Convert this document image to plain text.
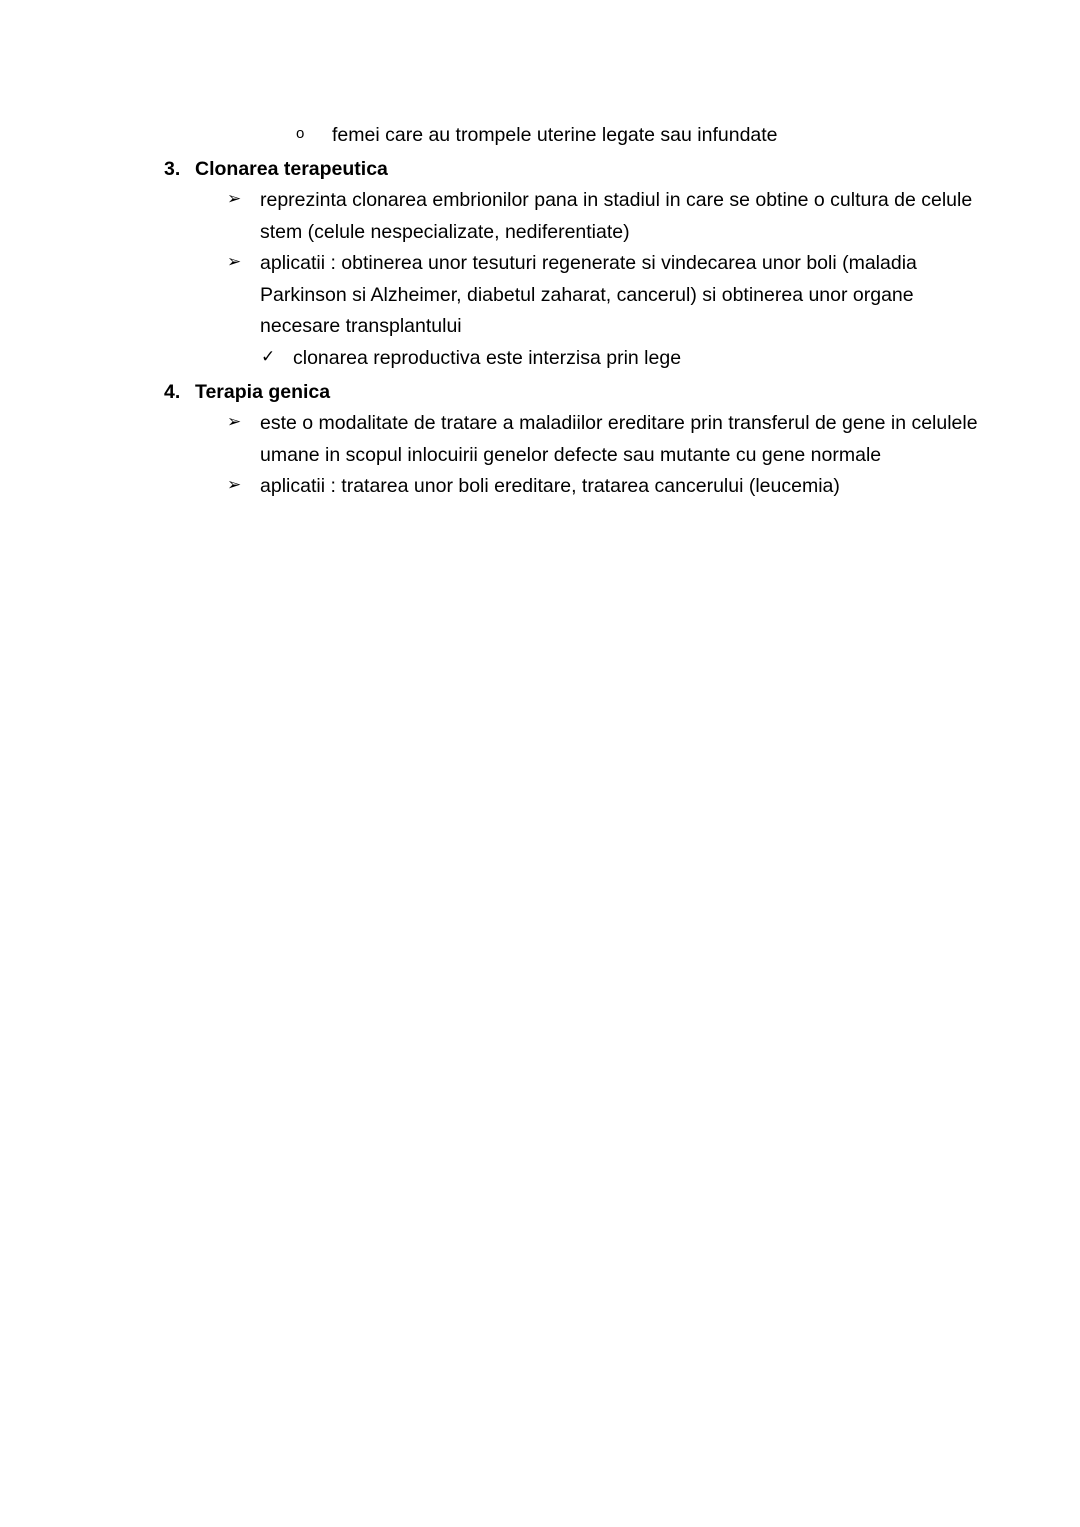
o	femei care au trompele uterine legate sau infundate
3. Clonarea terapeutica
➢ reprezinta clonarea embrionilor pana in stadiul in care se obtine o cultura de celule stem (celule nespecializate, nediferentiate)
➢ aplicatii : obtinerea unor tesuturi regenerate si vindecarea unor boli (maladia Parkinson si Alzheimer, diabetul zaharat, cancerul) si obtinerea unor organe necesare transplantului
✓ clonarea reproductiva este interzisa prin lege
4. Terapia genica
➢ este o modalitate de tratare a maladiilor ereditare prin transferul de gene in celulele umane in scopul inlocuirii genelor defecte sau mutante cu gene normale
➢ aplicatii : tratarea unor boli ereditare, tratarea cancerului (leucemia)
